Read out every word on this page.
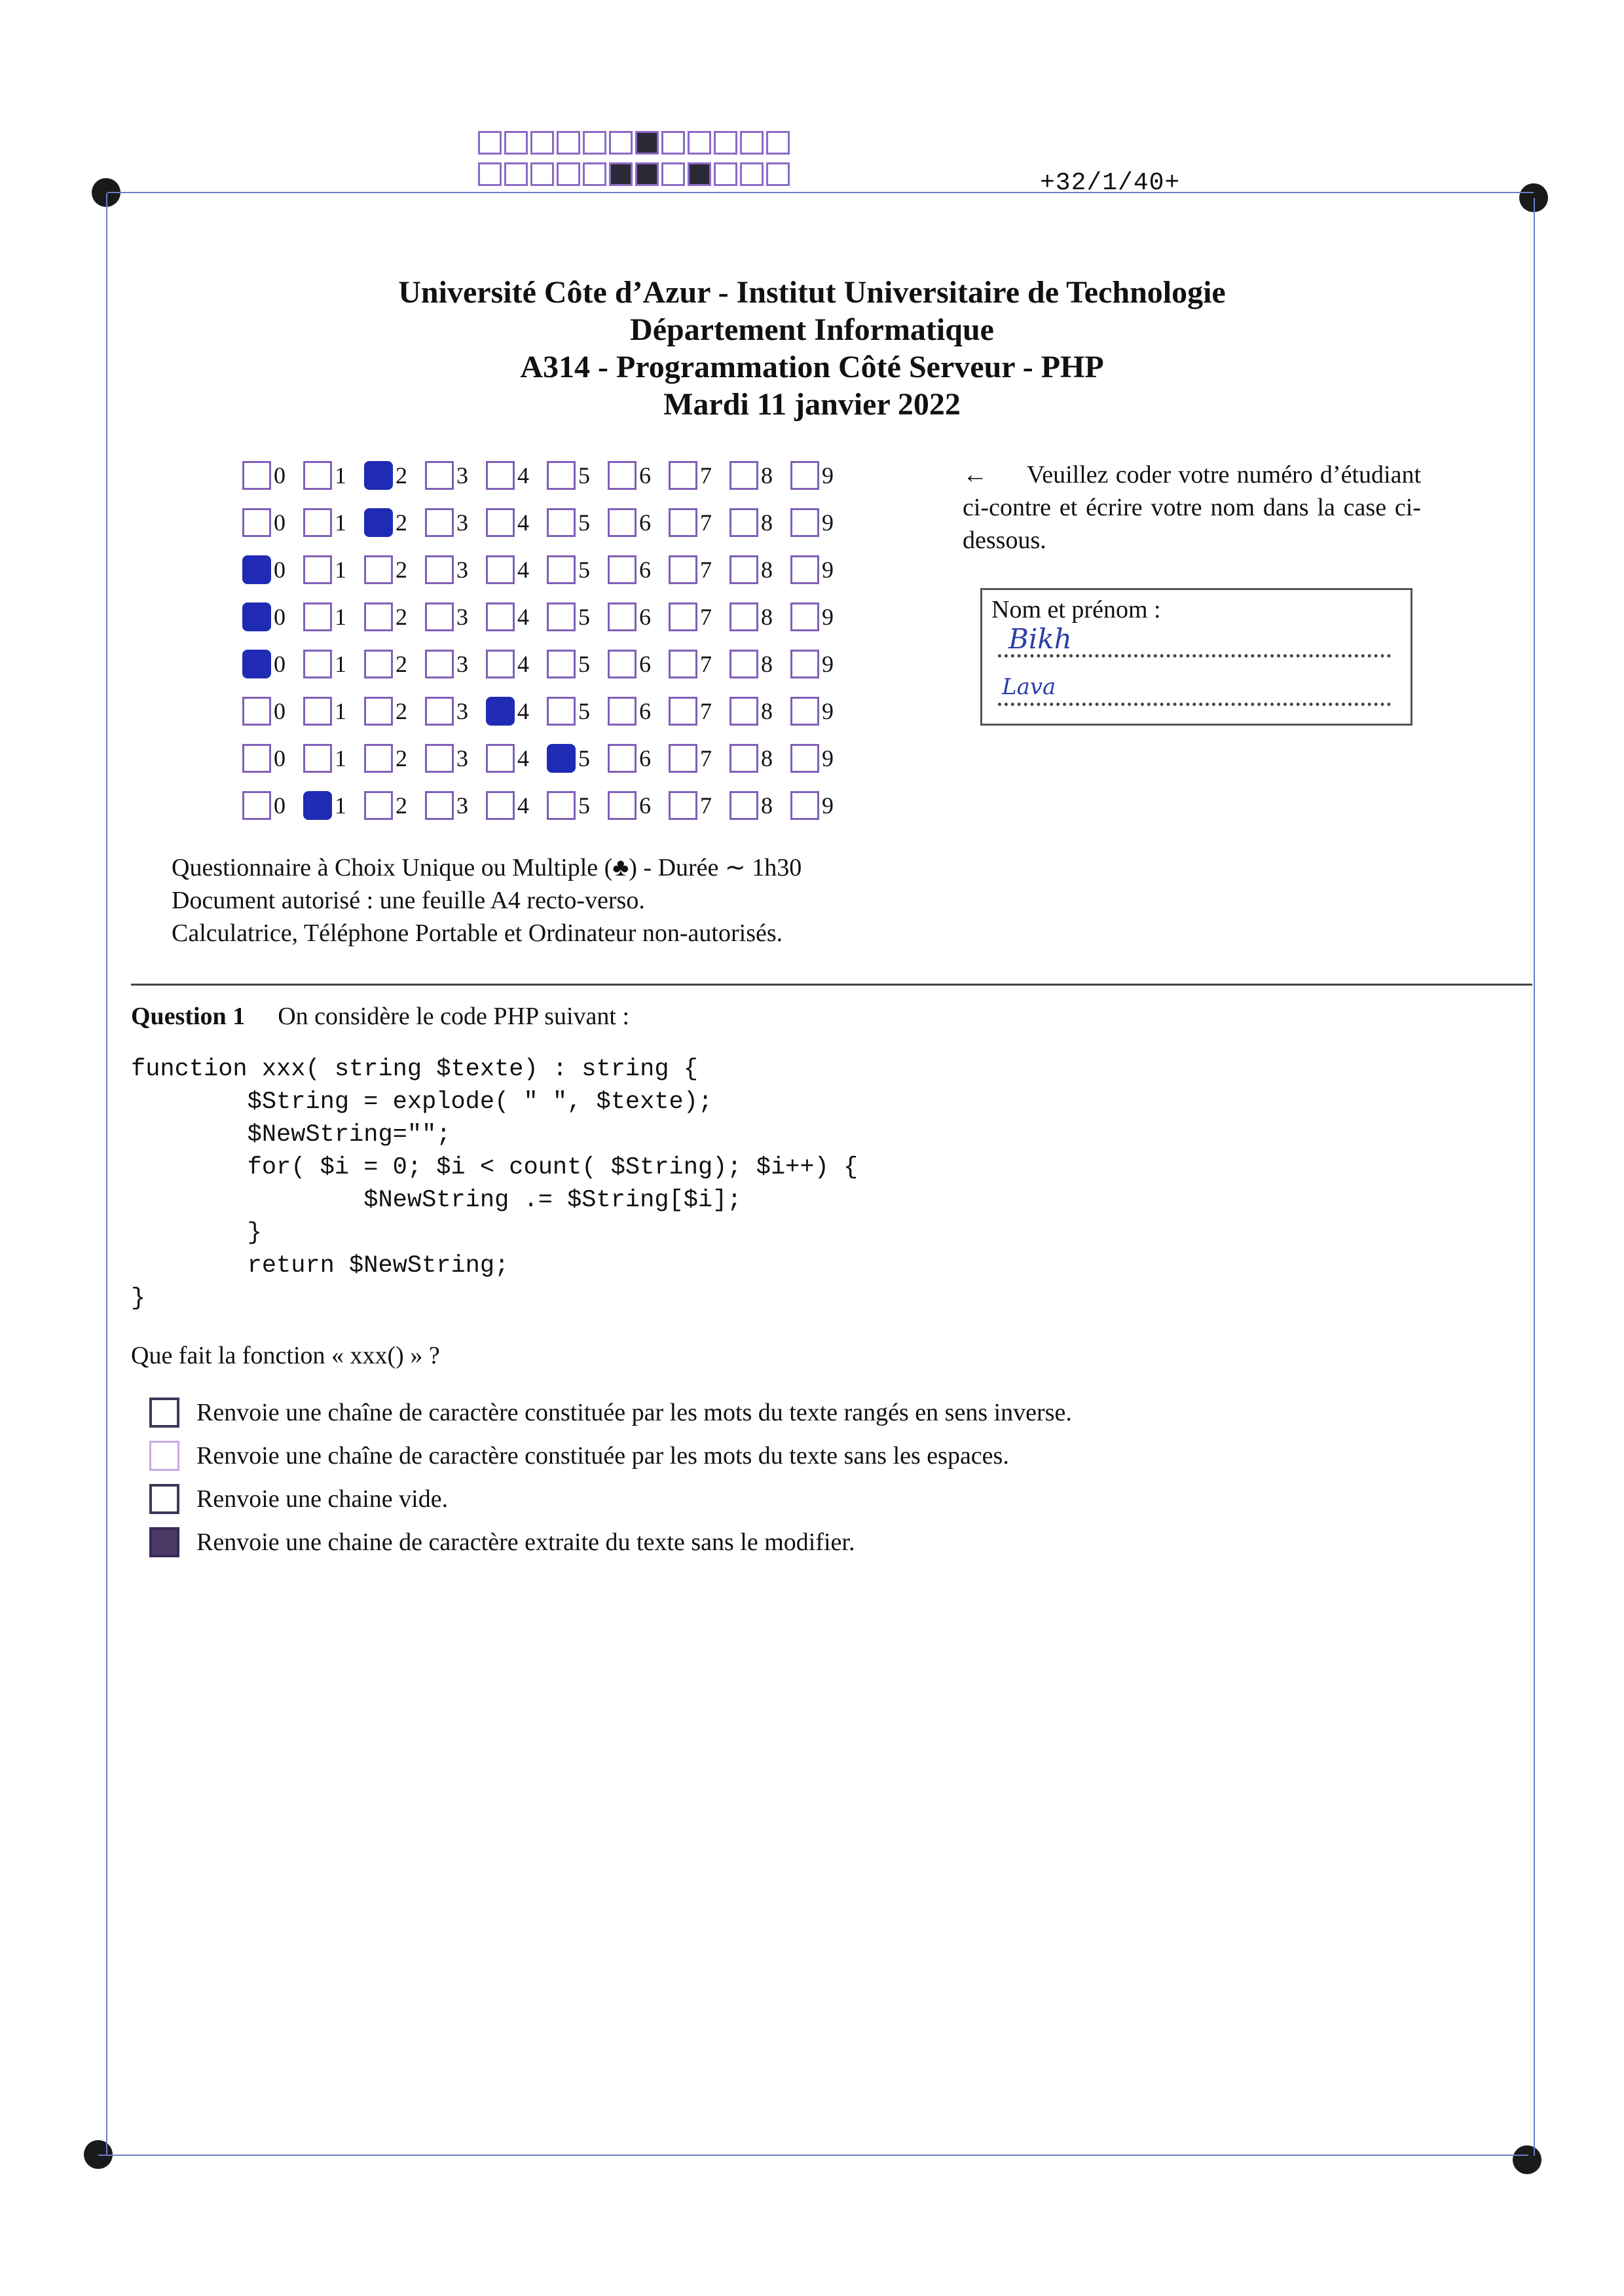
+32/1/40+
Université Côte d’Azur - Institut Universitaire de Technologie
Département Informatique
A314 - Programmation Côté Serveur - PHP
Mardi 11 janvier 2022
0 1 2 3 4 5 6 7 8 9
0 1 2 3 4 5 6 7 8 9
0 1 2 3 4 5 6 7 8 9
0 1 2 3 4 5 6 7 8 9
0 1 2 3 4 5 6 7 8 9
0 1 2 3 4 5 6 7 8 9
0 1 2 3 4 5 6 7 8 9
0 1 2 3 4 5 6 7 8 9
← Veuillez coder votre numéro d’étudiant ci-contre et écrire votre nom dans la case ci-dessous.
Nom et prénom :
Bikh
Lava
Questionnaire à Choix Unique ou Multiple (♣) - Durée ∼ 1h30
Document autorisé : une feuille A4 recto-verso.
Calculatrice, Téléphone Portable et Ordinateur non-autorisés.
Question 1 On considère le code PHP suivant :
function xxx( string $texte) : string {
$String = explode( " ", $texte);
$NewString="";
for( $i = 0; $i < count( $String); $i++) {
$NewString .= $String[$i];
}
return $NewString;
}
Que fait la fonction « xxx() » ?
Renvoie une chaîne de caractère constituée par les mots du texte rangés en sens inverse.
Renvoie une chaîne de caractère constituée par les mots du texte sans les espaces.
Renvoie une chaine vide.
Renvoie une chaine de caractère extraite du texte sans le modifier.
